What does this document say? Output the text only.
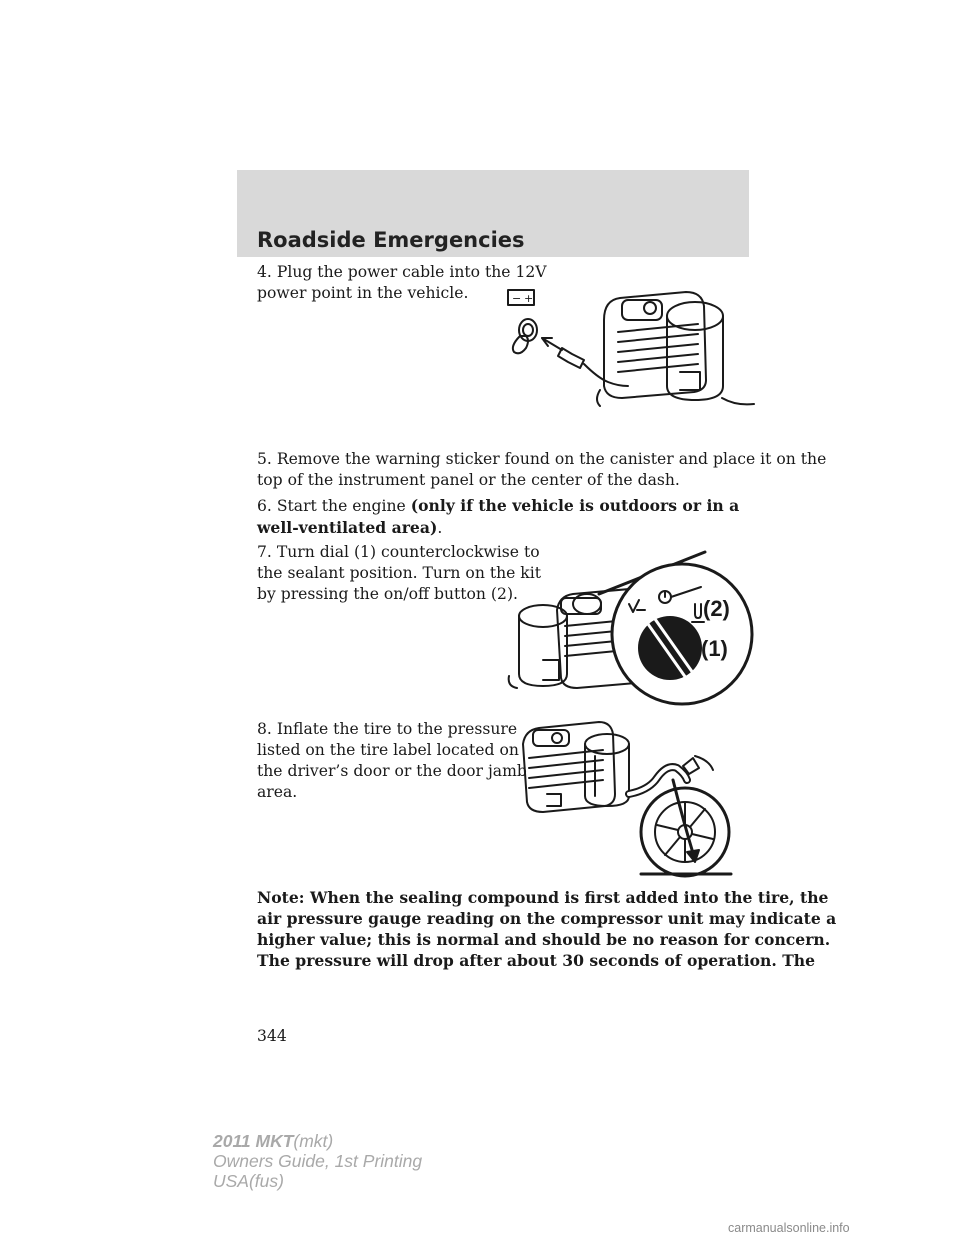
Roadside Emergencies

4. Plug the power cable into the 12V
power point in the vehicle.	− +

5. Remove the warning sticker found on the canister and place it on the
top of the instrument panel or the center of the dash.

6. Start the engine (only if the vehicle is outdoors or in a
well-ventilated area).

7. Turn dial (1) counterclockwise to
the sealant position. Turn on the kit
by pressing the on/off button (2).

(2)
(1)

8. Inflate the tire to the pressure
listed on the tire label located on
the driver’s door or the door jamb
area.

Note: When the sealing compound is first added into the tire, the
air pressure gauge reading on the compressor unit may indicate a
higher value; this is normal and should be no reason for concern.
The pressure will drop after about 30 seconds of operation. The

344

2011 MKT(mkt)
Owners Guide, 1st Printing
USA(fus)
carmanualsonline.info
